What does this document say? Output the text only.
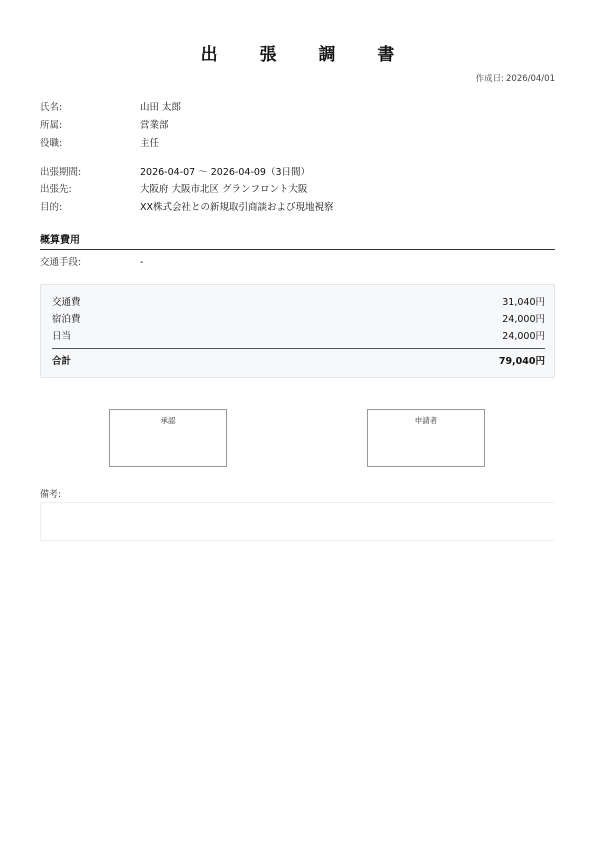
出 張 調 書
作成日: 2026/04/01
氏名:	山田 太郎
所属:	営業部
役職:	主任
出張期間:	2026-04-07 ～ 2026-04-09（3日間）
出張先:	大阪府 大阪市北区 グランフロント大阪
目的:	XX株式会社との新規取引商談および現地視察
概算費用
交通手段:	-
交通費	31,040円
宿泊費	24,000円
日当	24,000円
合計	79,040円
承認	申請者
備考:
